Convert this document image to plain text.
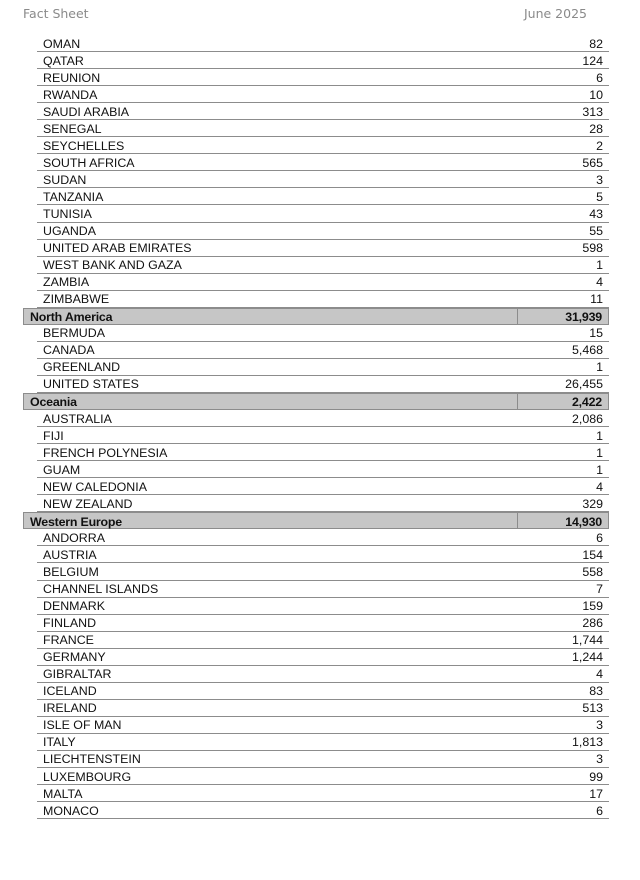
Fact Sheet	June 2025
OMAN	82
QATAR	124
REUNION	6
RWANDA	10
SAUDI ARABIA	313
SENEGAL	28
SEYCHELLES	2
SOUTH AFRICA	565
SUDAN	3
TANZANIA	5
TUNISIA	43
UGANDA	55
UNITED ARAB EMIRATES	598
WEST BANK AND GAZA	1
ZAMBIA	4
ZIMBABWE	11
North America	31,939
BERMUDA	15
CANADA	5,468
GREENLAND	1
UNITED STATES	26,455
Oceania	2,422
AUSTRALIA	2,086
FIJI	1
FRENCH POLYNESIA	1
GUAM	1
NEW CALEDONIA	4
NEW ZEALAND	329
Western Europe	14,930
ANDORRA	6
AUSTRIA	154
BELGIUM	558
CHANNEL ISLANDS	7
DENMARK	159
FINLAND	286
FRANCE	1,744
GERMANY	1,244
GIBRALTAR	4
ICELAND	83
IRELAND	513
ISLE OF MAN	3
ITALY	1,813
LIECHTENSTEIN	3
LUXEMBOURG	99
MALTA	17
MONACO	6
